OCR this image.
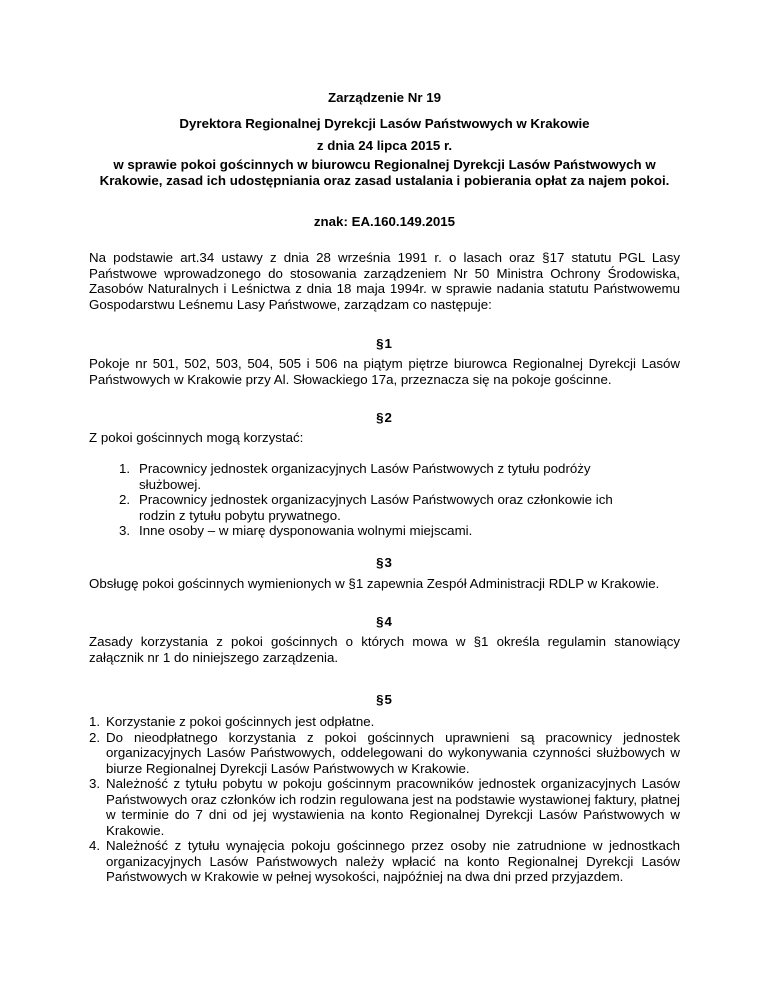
Zarządzenie Nr 19
Dyrektora Regionalnej Dyrekcji Lasów Państwowych w Krakowie
z dnia 24 lipca 2015 r.
w sprawie pokoi gościnnych w biurowcu Regionalnej Dyrekcji Lasów Państwowych w Krakowie, zasad ich udostępniania oraz zasad ustalania i pobierania opłat za najem pokoi.
znak: EA.160.149.2015

Na podstawie art.34 ustawy z dnia 28 września 1991 r. o lasach oraz §17 statutu PGL Lasy Państwowe wprowadzonego do stosowania zarządzeniem Nr 50 Ministra Ochrony Środowiska, Zasobów Naturalnych i Leśnictwa z dnia 18 maja 1994r. w sprawie nadania statutu Państwowemu Gospodarstwu Leśnemu Lasy Państwowe, zarządzam co następuje:

§1

Pokoje nr 501, 502, 503, 504, 505 i 506 na piątym piętrze biurowca Regionalnej Dyrekcji Lasów Państwowych w Krakowie przy Al. Słowackiego 17a, przeznacza się na pokoje gościnne.

§2

Z pokoi gościnnych mogą korzystać:

1. Pracownicy jednostek organizacyjnych Lasów Państwowych z tytułu podróży służbowej.
2. Pracownicy jednostek organizacyjnych Lasów Państwowych oraz członkowie ich rodzin z tytułu pobytu prywatnego.
3. Inne osoby – w miarę dysponowania wolnymi miejscami.
§3

Obsługę pokoi gościnnych wymienionych w §1 zapewnia Zespół Administracji RDLP w Krakowie.

§4

Zasady korzystania z pokoi gościnnych o których mowa w §1 określa regulamin stanowiący załącznik nr 1 do niniejszego zarządzenia.

§5
1. Korzystanie z pokoi gościnnych jest odpłatne.
2. Do nieodpłatnego korzystania z pokoi gościnnych uprawnieni są pracownicy jednostek organizacyjnych Lasów Państwowych, oddelegowani do wykonywania czynności służbowych w biurze Regionalnej Dyrekcji Lasów Państwowych w Krakowie.
3. Należność z tytułu pobytu w pokoju gościnnym pracowników jednostek organizacyjnych Lasów Państwowych oraz członków ich rodzin regulowana jest na podstawie wystawionej faktury, płatnej w terminie do 7 dni od jej wystawienia na konto Regionalnej Dyrekcji Lasów Państwowych w Krakowie.
4. Należność z tytułu wynajęcia pokoju gościnnego przez osoby nie zatrudnione w jednostkach organizacyjnych Lasów Państwowych należy wpłacić na konto Regionalnej Dyrekcji Lasów Państwowych w Krakowie w pełnej wysokości, najpóźniej na dwa dni przed przyjazdem.
